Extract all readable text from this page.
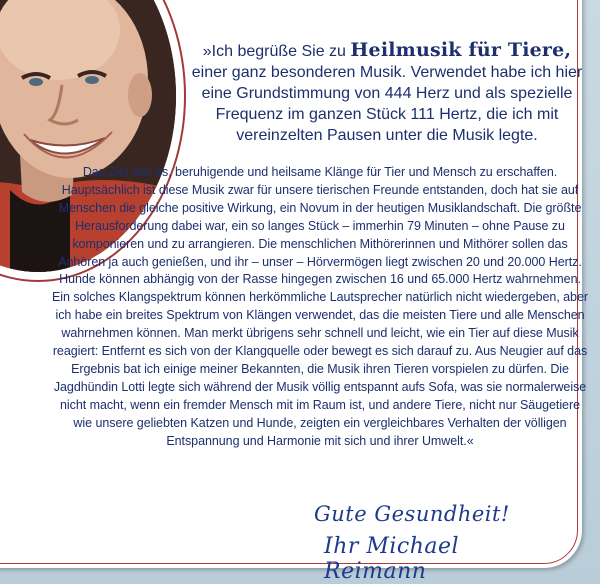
»Ich begrüße Sie zu Heilmusik für Tiere, einer ganz besonderen Musik. Verwendet habe ich hier eine Grundstimmung von 444 Herz und als spezielle Frequenz im ganzen Stück 111 Hertz, die ich mit vereinzelten Pausen unter die Musik legte.
Das Ziel war es, beruhigende und heilsame Klänge für Tier und Mensch zu erschaffen. Hauptsächlich ist diese Musik zwar für unsere tierischen Freunde entstanden, doch hat sie auf Menschen die gleiche positive Wirkung, ein Novum in der heutigen Musiklandschaft. Die größte Herausforderung dabei war, ein so langes Stück – immerhin 79 Minuten – ohne Pause zu komponieren und zu arrangieren. Die menschlichen Mithörerinnen und Mithörer sollen das Anhören ja auch genießen, und ihr – unser – Hörvermögen liegt zwischen 20 und 20.000 Hertz. Hunde können abhängig von der Rasse hingegen zwischen 16 und 65.000 Hertz wahrnehmen. Ein solches Klangspektrum können herkömmliche Lautsprecher natürlich nicht wiedergeben, aber ich habe ein breites Spektrum von Klängen verwendet, das die meisten Tiere und alle Menschen wahrnehmen können. Man merkt übrigens sehr schnell und leicht, wie ein Tier auf diese Musik reagiert: Entfernt es sich von der Klangquelle oder bewegt es sich darauf zu. Aus Neugier auf das Ergebnis bat ich einige meiner Bekannten, die Musik ihren Tieren vorspielen zu dürfen. Die Jagdhündin Lotti legte sich während der Musik völlig entspannt aufs Sofa, was sie normalerweise nicht macht, wenn ein fremder Mensch mit im Raum ist, und andere Tiere, nicht nur Säugetiere wie unsere geliebten Katzen und Hunde, zeigten ein vergleichbares Verhalten der völligen Entspannung und Harmonie mit sich und ihrer Umwelt.«
Gute Gesundheit!
Ihr Michael Reimann
